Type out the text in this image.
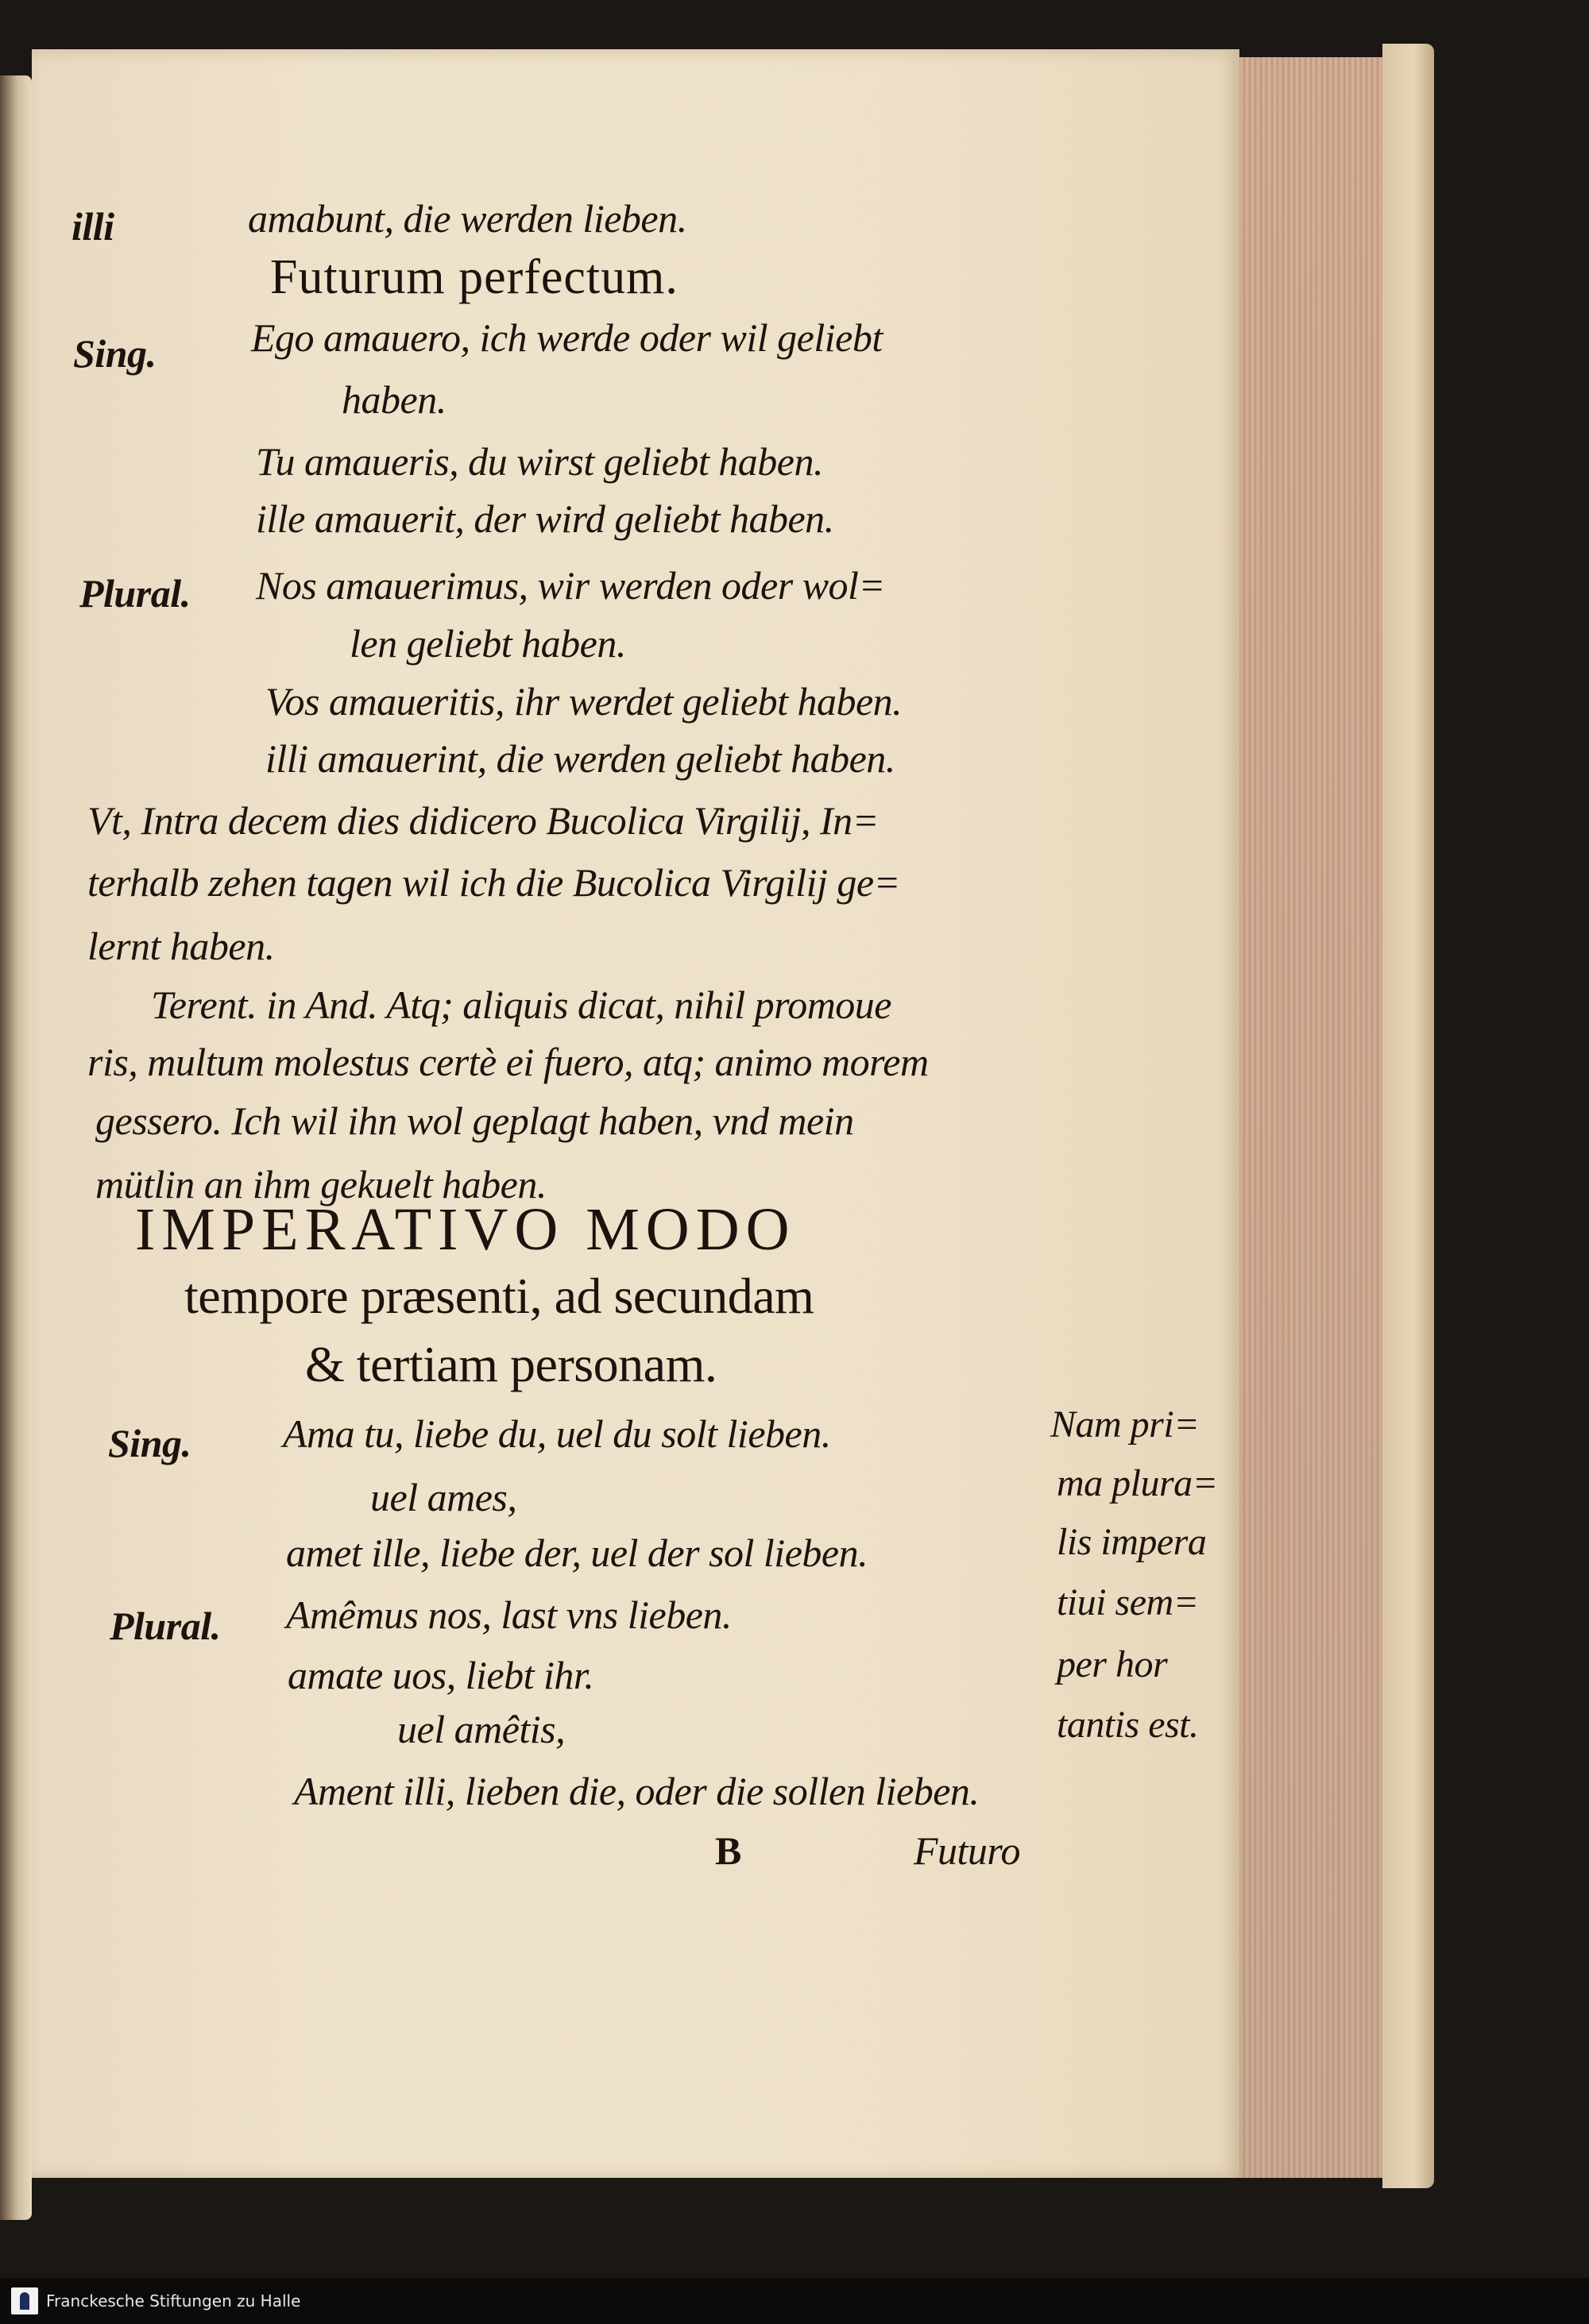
illi	amabunt, die werden lieben.
Futurum perfectum.
Sing. Ego amauero, ich werde oder wil geliebt
haben.
Tu amaueris, du wirst geliebt haben.
ille amauerit, der wird geliebt haben.
Plural. Nos amauerimus, wir werden oder wol=
len geliebt haben.
Vos amaueritis, ihr werdet geliebt haben.
illi amauerint, die werden geliebt haben.
Vt, Intra decem dies didicero Bucolica Virgilij, In=
terhalb zehen tagen wil ich die Bucolica Virgilij ge=
lernt haben.
Terent. in And. Atq; aliquis dicat, nihil promoue
ris, multum molestus certè ei fuero, atq; animo morem
gessero. Ich wil ihn wol geplagt haben, vnd mein
mütlin an ihm gekuelt haben.
IMPERATIVO MODO
tempore præsenti, ad secundam
& tertiam personam.
Sing. Ama tu, liebe du, uel du solt lieben.
uel ames,
amet ille, liebe der, uel der sol lieben.
Plural. Amêmus nos, last vns lieben.
amate uos, liebt ihr.
uel amêtis,
Ament illi, lieben die, oder die sollen lieben.
B	Futuro
Nam pri=
ma plura=
lis impera
tiui sem=
per hor
tantis est.
Franckesche Stiftungen zu Halle
